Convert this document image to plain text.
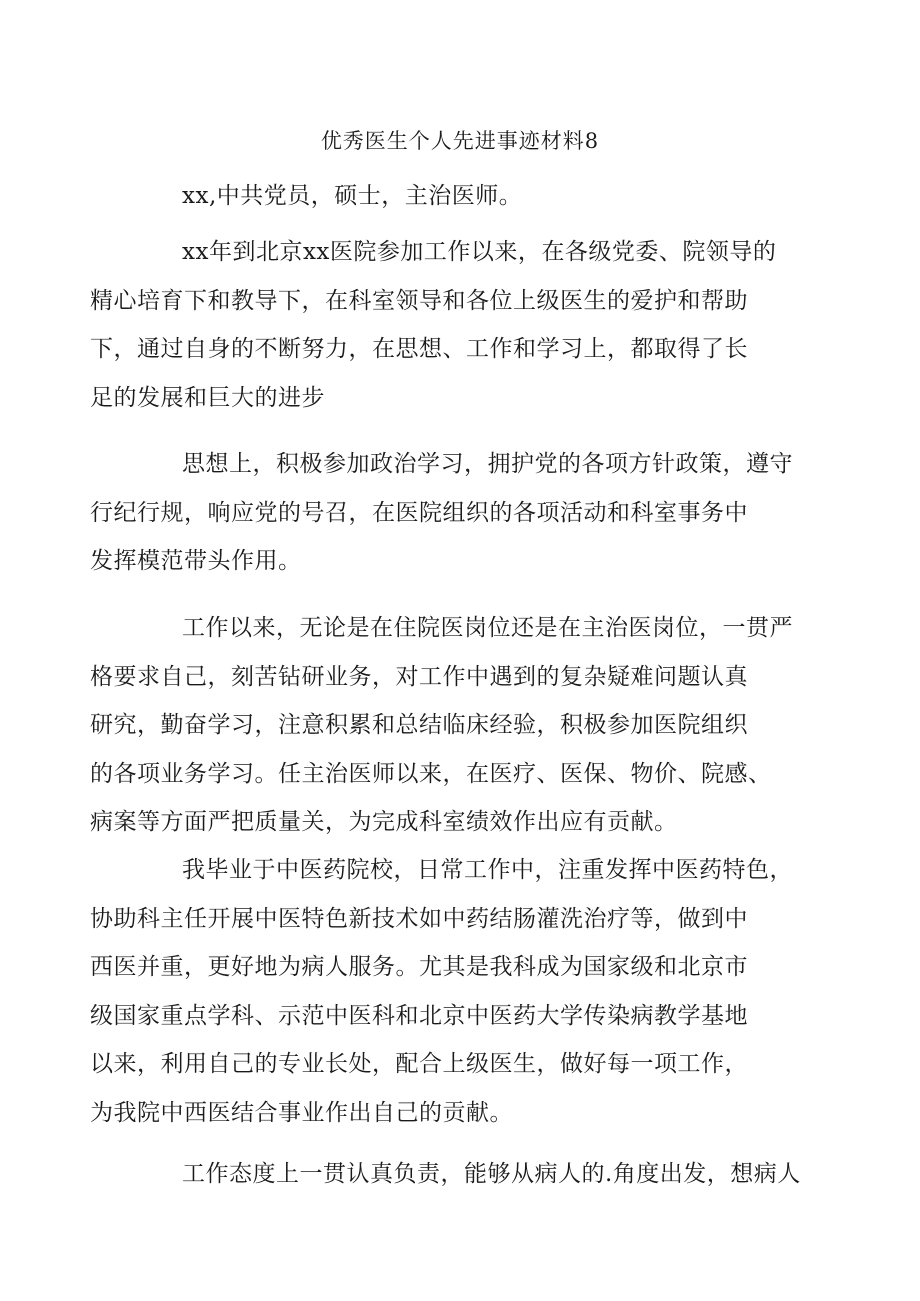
优秀医生个人先进事迹材料8

xx,中共党员，硕士，主治医师。

xx年到北京xx医院参加工作以来，在各级党委、院领导的
精心培育下和教导下，在科室领导和各位上级医生的爱护和帮助
下，通过自身的不断努力，在思想、工作和学习上，都取得了长
足的发展和巨大的进步

思想上，积极参加政治学习，拥护党的各项方针政策，遵守
行纪行规，响应党的号召，在医院组织的各项活动和科室事务中
发挥模范带头作用。

工作以来，无论是在住院医岗位还是在主治医岗位，一贯严
格要求自己，刻苦钻研业务，对工作中遇到的复杂疑难问题认真
研究，勤奋学习，注意积累和总结临床经验，积极参加医院组织
的各项业务学习。任主治医师以来，在医疗、医保、物价、院感、
病案等方面严把质量关，为完成科室绩效作出应有贡献。

我毕业于中医药院校，日常工作中，注重发挥中医药特色，
协助科主任开展中医特色新技术如中药结肠灌洗治疗等，做到中
西医并重，更好地为病人服务。尤其是我科成为国家级和北京市
级国家重点学科、示范中医科和北京中医药大学传染病教学基地
以来，利用自己的专业长处，配合上级医生，做好每一项工作，
为我院中西医结合事业作出自己的贡献。

工作态度上一贯认真负责，能够从病人的.角度出发，想病人
